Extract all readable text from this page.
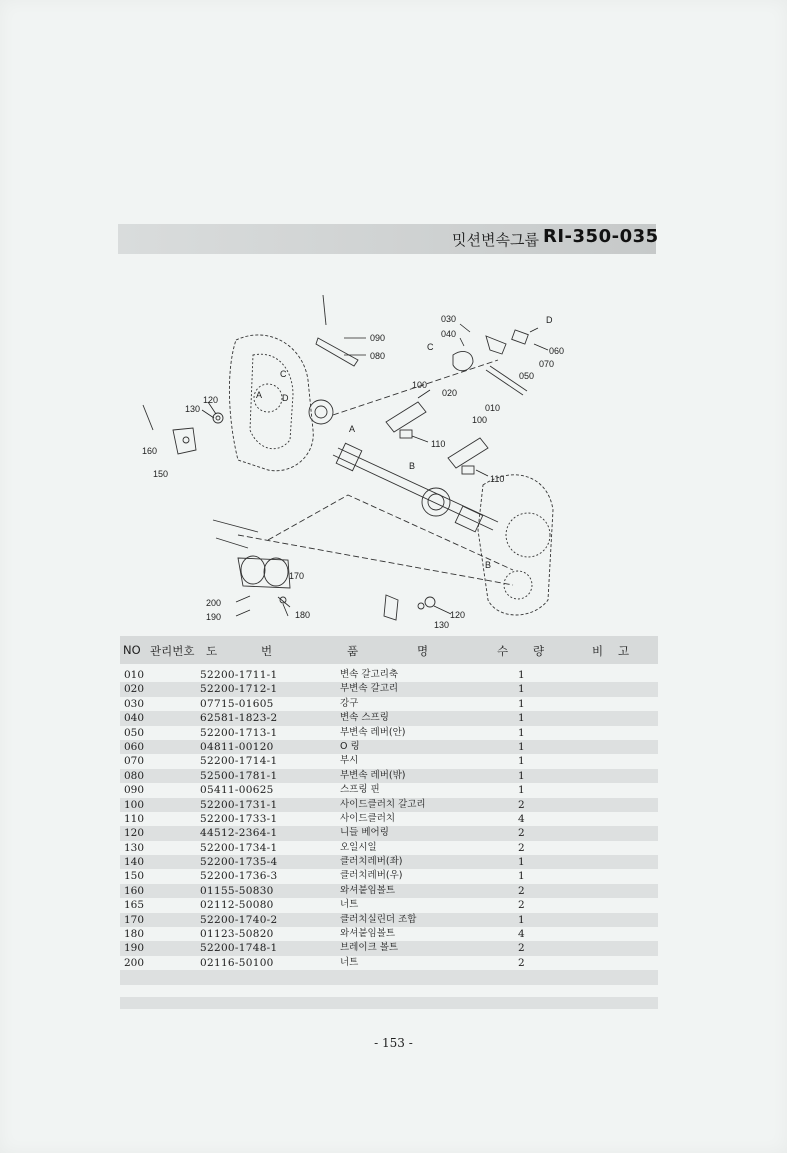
밋션변속그룹 RI-350-035
090
080
030
040
C
D
060
070
050
020
010
100
A
110
B
100
110
120
130
160
150
A
C
D
170
200
190	180	120
130
B
NO 관리번호 도	번	품	명	수 량	비 고
010	52200-1711-1	변속 갈고리축	1
020	52200-1712-1	부변속 갈고리	1
030	07715-01605	강구	1
040	62581-1823-2	변속 스프링	1
050	52200-1713-1	부변속 레버(안)	1
060	04811-00120	O 링	1
070	52200-1714-1	부시	1
080	52500-1781-1	부변속 레버(밖)	1
090	05411-00625	스프링 핀	1
100	52200-1731-1	사이드클러치 갈고리	2
110	52200-1733-1	사이드클러치	4
120	44512-2364-1	니들 베어링	2
130	52200-1734-1	오일시일	2
140	52200-1735-4	클러치레버(좌)	1
150	52200-1736-3	클러치레버(우)	1
160	01155-50830	와셔붙임볼트	2
165	02112-50080	너트	2
170	52200-1740-2	클러치실린더 조합	1
180	01123-50820	와셔붙임볼트	4
190	52200-1748-1	브레이크 볼트	2
200	02116-50100	너트	2
- 153 -
